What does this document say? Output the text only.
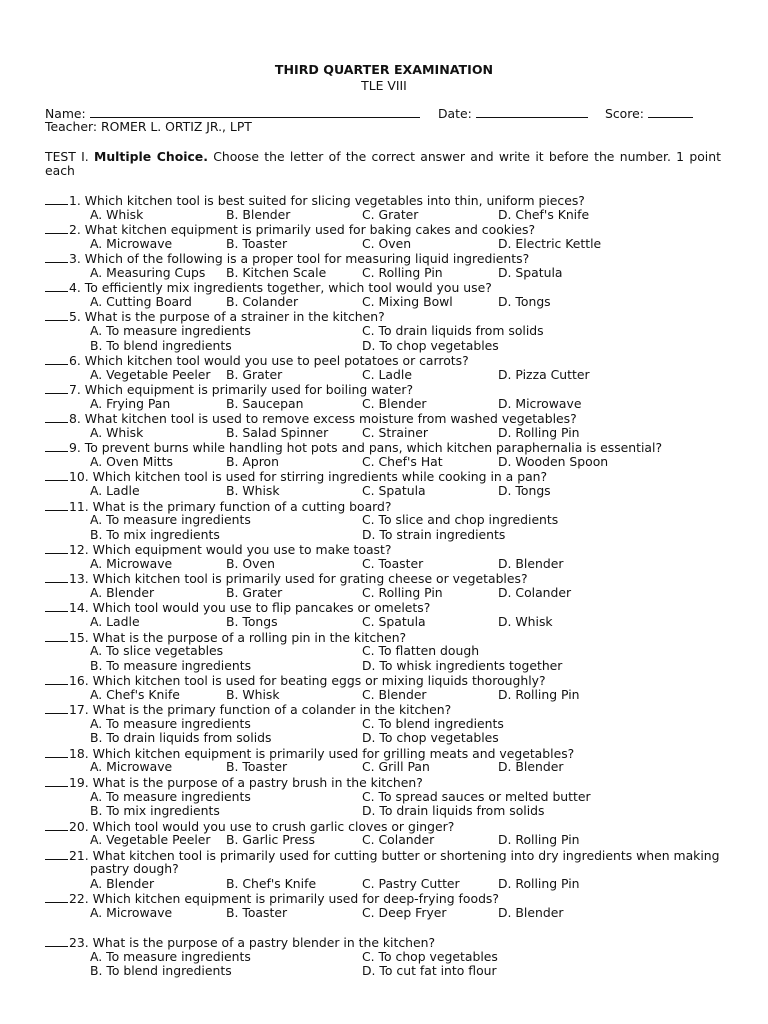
THIRD QUARTER EXAMINATION
TLE VIII
Name:	Date:	Score:
Teacher: ROMER L. ORTIZ JR., LPT
TEST I. Multiple Choice. Choose the letter of the correct answer and write it before the number. 1 point each
1. Which kitchen tool is best suited for slicing vegetables into thin, uniform pieces?
A. Whisk	B. Blender	C. Grater	D. Chef's Knife
2. What kitchen equipment is primarily used for baking cakes and cookies?
A. Microwave	B. Toaster	C. Oven	D. Electric Kettle
3. Which of the following is a proper tool for measuring liquid ingredients?
A. Measuring Cups B. Kitchen Scale	C. Rolling Pin	D. Spatula
4. To efficiently mix ingredients together, which tool would you use?
A. Cutting Board	B. Colander	C. Mixing Bowl	D. Tongs
5. What is the purpose of a strainer in the kitchen?
A. To measure ingredients
B. To blend ingredients
C. To drain liquids from solids
D. To chop vegetables
6. Which kitchen tool would you use to peel potatoes or carrots?
A. Vegetable Peeler B. Grater	C. Ladle	D. Pizza Cutter
7. Which equipment is primarily used for boiling water?
A. Frying Pan	B. Saucepan	C. Blender	D. Microwave
8. What kitchen tool is used to remove excess moisture from washed vegetables?
A. Whisk	B. Salad Spinner	C. Strainer	D. Rolling Pin
9. To prevent burns while handling hot pots and pans, which kitchen paraphernalia is essential?
A. Oven Mitts	B. Apron	C. Chef's Hat	D. Wooden Spoon
10. Which kitchen tool is used for stirring ingredients while cooking in a pan?
A. Ladle	B. Whisk	C. Spatula	D. Tongs
11. What is the primary function of a cutting board?
A. To measure ingredients
B. To mix ingredients
C. To slice and chop ingredients
D. To strain ingredients
12. Which equipment would you use to make toast?
A. Microwave	B. Oven	C. Toaster	D. Blender
13. Which kitchen tool is primarily used for grating cheese or vegetables?
A. Blender	B. Grater	C. Rolling Pin	D. Colander
14. Which tool would you use to flip pancakes or omelets?
A. Ladle	B. Tongs	C. Spatula	D. Whisk
15. What is the purpose of a rolling pin in the kitchen?
A. To slice vegetables
B. To measure ingredients
C. To flatten dough
D. To whisk ingredients together
16. Which kitchen tool is used for beating eggs or mixing liquids thoroughly?
A. Chef's Knife	B. Whisk	C. Blender	D. Rolling Pin
17. What is the primary function of a colander in the kitchen?
A. To measure ingredients
B. To drain liquids from solids
C. To blend ingredients
D. To chop vegetables
18. Which kitchen equipment is primarily used for grilling meats and vegetables?
A. Microwave	B. Toaster	C. Grill Pan	D. Blender
19. What is the purpose of a pastry brush in the kitchen?
A. To measure ingredients
B. To mix ingredients
C. To spread sauces or melted butter
D. To drain liquids from solids
20. Which tool would you use to crush garlic cloves or ginger?
A. Vegetable Peeler B. Garlic Press	C. Colander	D. Rolling Pin
21. What kitchen tool is primarily used for cutting butter or shortening into dry ingredients when making
pastry dough?
A. Blender	B. Chef's Knife	C. Pastry Cutter	D. Rolling Pin
22. Which kitchen equipment is primarily used for deep-frying foods?
A. Microwave	B. Toaster	C. Deep Fryer	D. Blender
23. What is the purpose of a pastry blender in the kitchen?
A. To measure ingredients
B. To blend ingredients
C. To chop vegetables
D. To cut fat into flour
